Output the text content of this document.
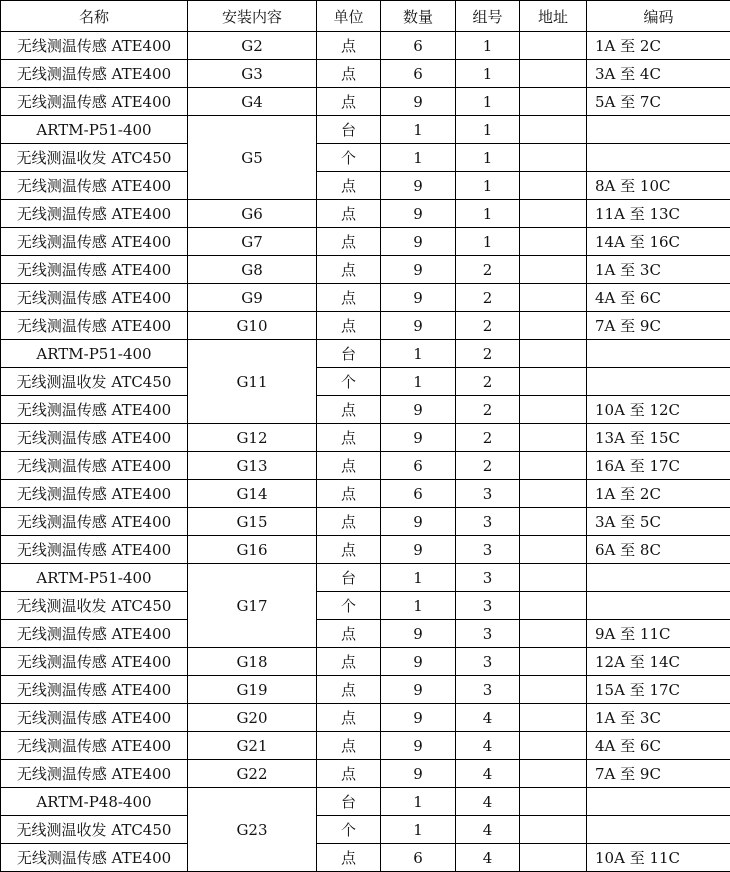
名称	安装内容	单位	数量	组号	地址	编码
无线测温传感 ATE400	G2	点	6	1		1A 至 2C
无线测温传感 ATE400	G3	点	6	1		3A 至 4C
无线测温传感 ATE400	G4	点	9	1		5A 至 7C
ARTM-P51-400	G5	台	1	1		
无线测温收发 ATC450		个	1	1		
无线测温传感 ATE400		点	9	1		8A 至 10C
无线测温传感 ATE400	G6	点	9	1		11A 至 13C
无线测温传感 ATE400	G7	点	9	1		14A 至 16C
无线测温传感 ATE400	G8	点	9	2		1A 至 3C
无线测温传感 ATE400	G9	点	9	2		4A 至 6C
无线测温传感 ATE400	G10	点	9	2		7A 至 9C
ARTM-P51-400	G11	台	1	2		
无线测温收发 ATC450		个	1	2		
无线测温传感 ATE400		点	9	2		10A 至 12C
无线测温传感 ATE400	G12	点	9	2		13A 至 15C
无线测温传感 ATE400	G13	点	6	2		16A 至 17C
无线测温传感 ATE400	G14	点	6	3		1A 至 2C
无线测温传感 ATE400	G15	点	9	3		3A 至 5C
无线测温传感 ATE400	G16	点	9	3		6A 至 8C
ARTM-P51-400	G17	台	1	3		
无线测温收发 ATC450		个	1	3		
无线测温传感 ATE400		点	9	3		9A 至 11C
无线测温传感 ATE400	G18	点	9	3		12A 至 14C
无线测温传感 ATE400	G19	点	9	3		15A 至 17C
无线测温传感 ATE400	G20	点	9	4		1A 至 3C
无线测温传感 ATE400	G21	点	9	4		4A 至 6C
无线测温传感 ATE400	G22	点	9	4		7A 至 9C
ARTM-P48-400	G23	台	1	4		
无线测温收发 ATC450		个	1	4		
无线测温传感 ATE400		点	6	4		10A 至 11C
